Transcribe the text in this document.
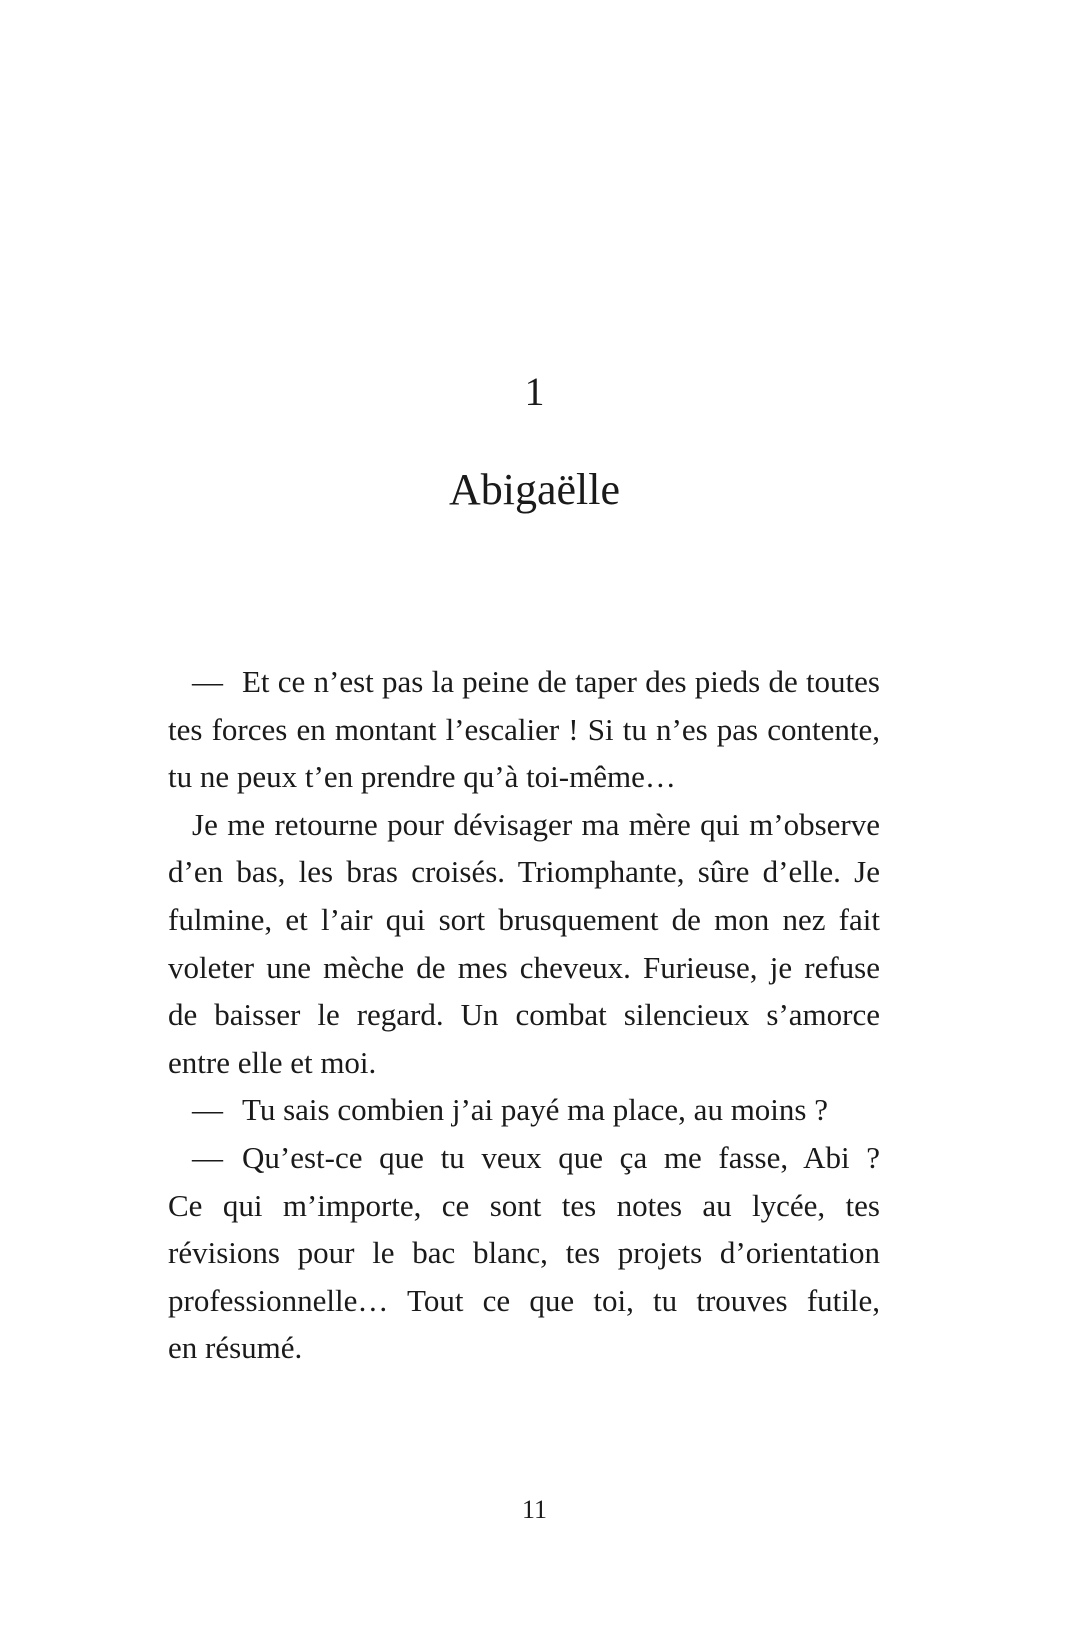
1
Abigaëlle
— Et ce n’est pas la peine de taper des pieds de toutes
tes forces en montant l’escalier ! Si tu n’es pas contente,
tu ne peux t’en prendre qu’à toi-même…
Je me retourne pour dévisager ma mère qui m’observe
d’en bas, les bras croisés. Triomphante, sûre d’elle. Je
fulmine, et l’air qui sort brusquement de mon nez fait
voleter une mèche de mes cheveux. Furieuse, je refuse
de baisser le regard. Un combat silencieux s’amorce
entre elle et moi.
— Tu sais combien j’ai payé ma place, au moins ?
— Qu’est-ce que tu veux que ça me fasse, Abi ?
Ce qui m’importe, ce sont tes notes au lycée, tes
révisions pour le bac blanc, tes projets d’orientation
professionnelle… Tout ce que toi, tu trouves futile,
en résumé.
11
